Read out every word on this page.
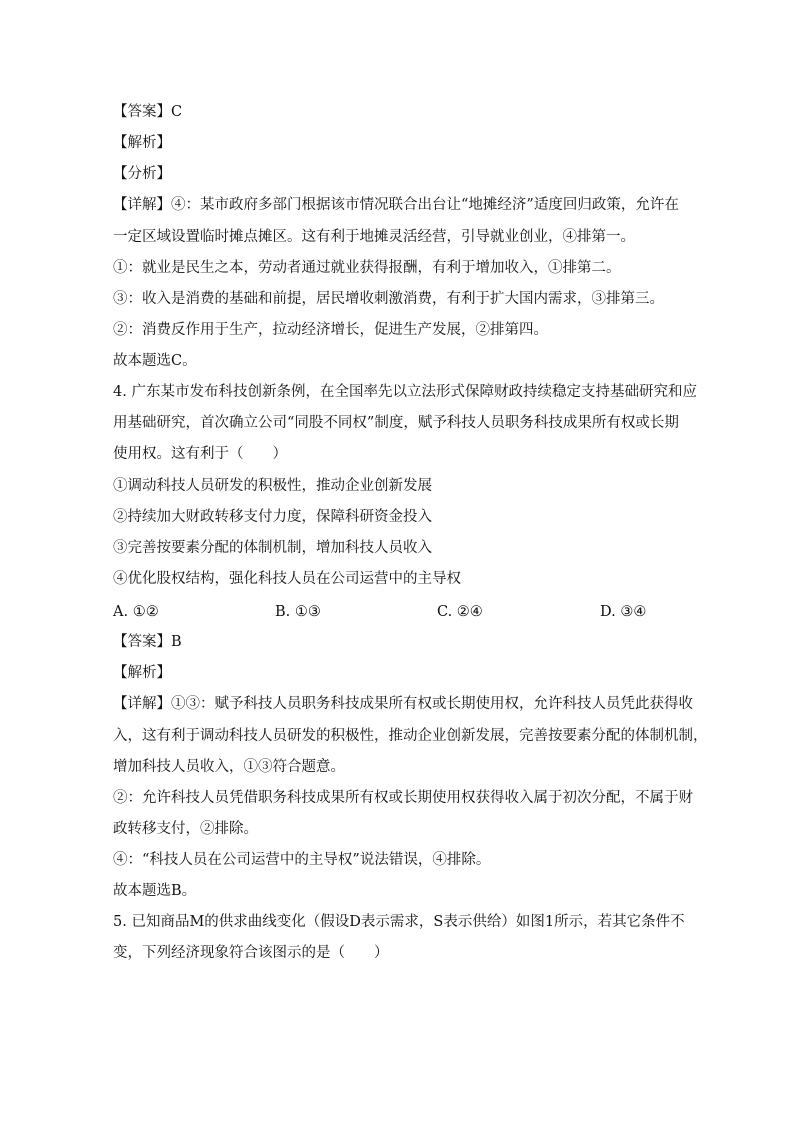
【答案】C
【解析】
【分析】
【详解】④：某市政府多部门根据该市情况联合出台让“地摊经济”适度回归政策，允许在
一定区域设置临时摊点摊区。这有利于地摊灵活经营，引导就业创业，④排第一。
①：就业是民生之本，劳动者通过就业获得报酬，有利于增加收入，①排第二。
③：收入是消费的基础和前提，居民增收刺激消费，有利于扩大国内需求，③排第三。
②：消费反作用于生产，拉动经济增长，促进生产发展，②排第四。
故本题选C。
4. 广东某市发布科技创新条例，在全国率先以立法形式保障财政持续稳定支持基础研究和应
用基础研究，首次确立公司“同股不同权”制度，赋予科技人员职务科技成果所有权或长期
使用权。这有利于（　　）
①调动科技人员研发的积极性，推动企业创新发展
②持续加大财政转移支付力度，保障科研资金投入
③完善按要素分配的体制机制，增加科技人员收入
④优化股权结构，强化科技人员在公司运营中的主导权
A. ①②	B. ①③	C. ②④	D. ③④
【答案】B
【解析】
【详解】①③：赋予科技人员职务科技成果所有权或长期使用权，允许科技人员凭此获得收
入，这有利于调动科技人员研发的积极性，推动企业创新发展，完善按要素分配的体制机制，
增加科技人员收入，①③符合题意。
②：允许科技人员凭借职务科技成果所有权或长期使用权获得收入属于初次分配，不属于财
政转移支付，②排除。
④：“科技人员在公司运营中的主导权”说法错误，④排除。
故本题选B。
5. 已知商品M的供求曲线变化（假设D表示需求，S表示供给）如图1所示，若其它条件不
变，下列经济现象符合该图示的是（　　）
